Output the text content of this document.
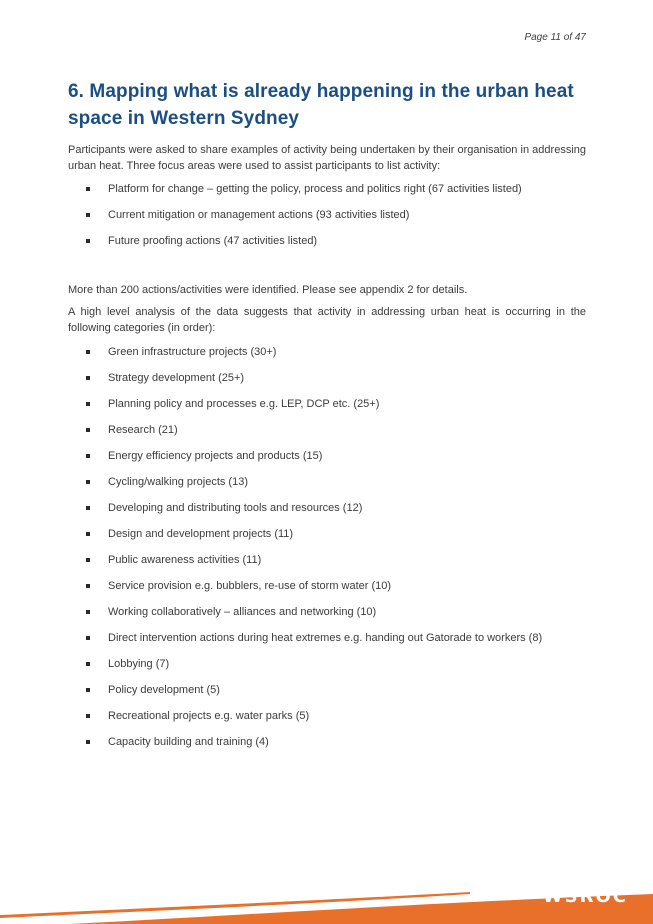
Page 11 of 47
6. Mapping what is already happening in the urban heat space in Western Sydney

Participants were asked to share examples of activity being undertaken by their organisation in addressing urban heat. Three focus areas were used to assist participants to list activity:

Platform for change – getting the policy, process and politics right (67 activities listed)
Current mitigation or management actions (93 activities listed)
Future proofing actions (47 activities listed)

More than 200 actions/activities were identified. Please see appendix 2 for details.

A high level analysis of the data suggests that activity in addressing urban heat is occurring in the following categories (in order):

Green infrastructure projects (30+)
Strategy development (25+)
Planning policy and processes e.g. LEP, DCP etc. (25+)
Research (21)
Energy efficiency projects and products (15)
Cycling/walking projects (13)
Developing and distributing tools and resources (12)
Design and development projects (11)
Public awareness activities (11)
Service provision e.g. bubblers, re-use of storm water (10)
Working collaboratively – alliances and networking (10)
Direct intervention actions during heat extremes e.g. handing out Gatorade to workers (8)
Lobbying (7)
Policy development (5)
Recreational projects e.g. water parks (5)
Capacity building and training (4)
WSROC
